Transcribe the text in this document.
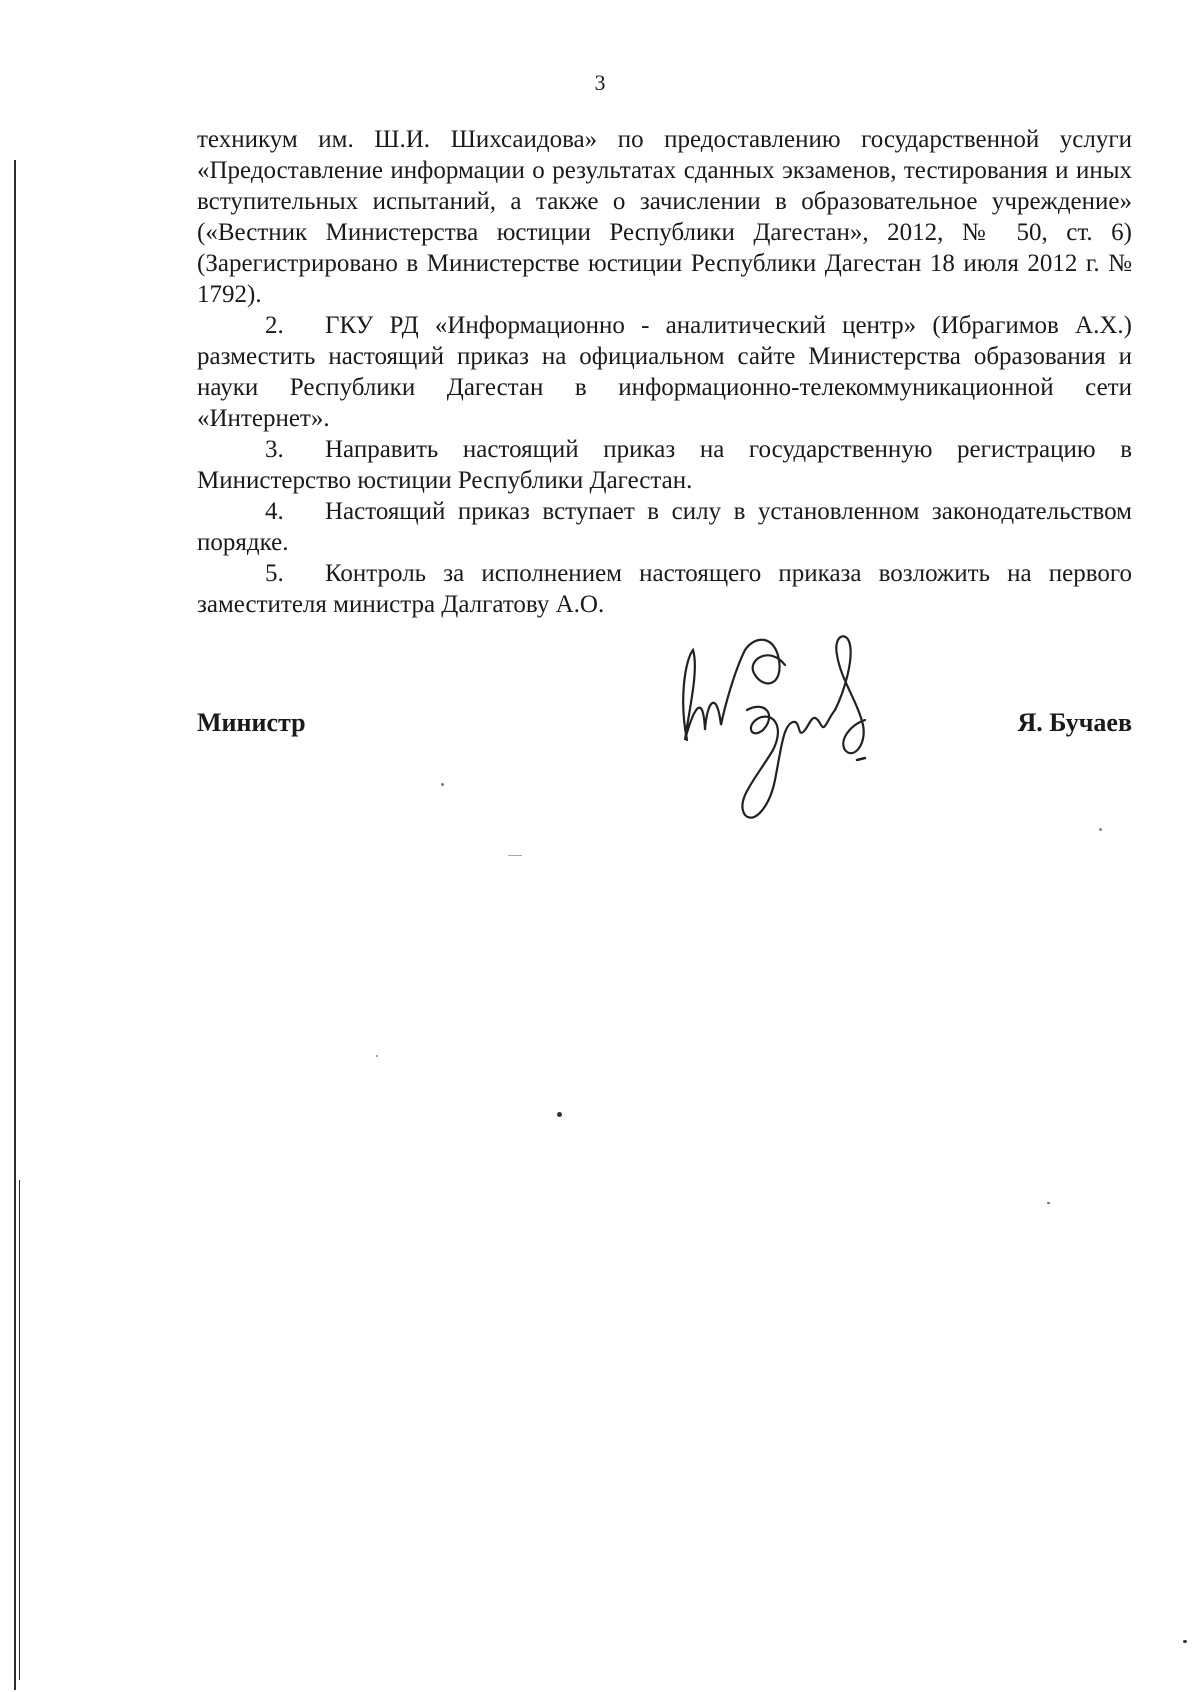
3

техникум им. Ш.И. Шихсаидова» по предоставлению государственной услуги «Предоставление информации о результатах сданных экзаменов, тестирования и иных вступительных испытаний, а также о зачислении в образовательное учреждение» («Вестник Министерства юстиции Республики Дагестан», 2012, № 50, ст. 6) (Зарегистрировано в Министерстве юстиции Республики Дагестан 18 июля 2012 г. № 1792).

2. ГКУ РД «Информационно - аналитический центр» (Ибрагимов А.Х.) разместить настоящий приказ на официальном сайте Министерства образования и науки Республики Дагестан в информационно-телекоммуникационной сети «Интернет».

3. Направить настоящий приказ на государственную регистрацию в Министерство юстиции Республики Дагестан.

4. Настоящий приказ вступает в силу в установленном законодательством порядке.

5. Контроль за исполнением настоящего приказа возложить на первого заместителя министра Далгатову А.О.

Министр	Я. Бучаев
